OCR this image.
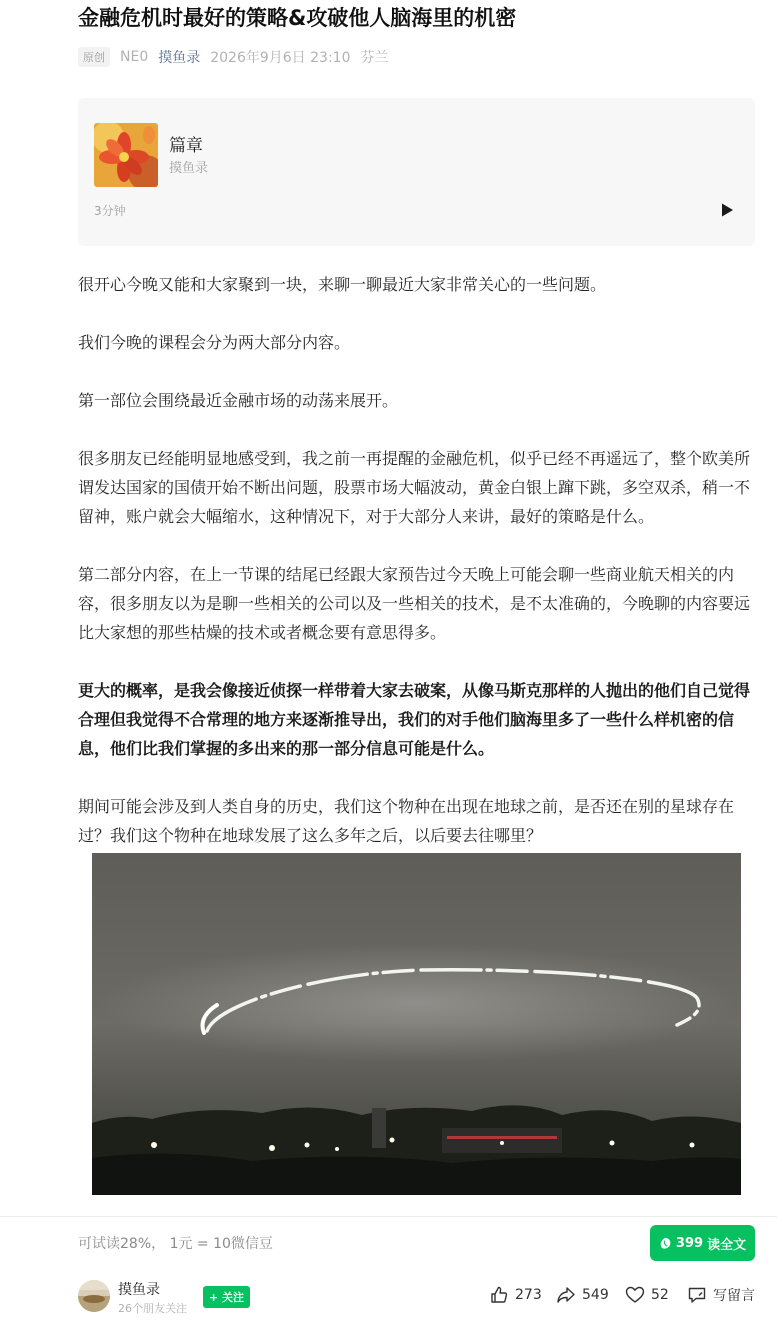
金融危机时最好的策略&攻破他人脑海里的机密
原创	NE0 摸鱼录 2026年9月6日 23:10 芬兰
篇章
摸鱼录
3分钟

很开心今晚又能和大家聚到一块，来聊一聊最近大家非常关心的一些问题。

我们今晚的课程会分为两大部分内容。

第一部位会围绕最近金融市场的动荡来展开。

很多朋友已经能明显地感受到，我之前一再提醒的金融危机，似乎已经不再遥远了，整个欧美所谓发达国家的国债开始不断出问题，股票市场大幅波动，黄金白银上蹿下跳，多空双杀，稍一不留神，账户就会大幅缩水，这种情况下，对于大部分人来讲，最好的策略是什么。

第二部分内容，在上一节课的结尾已经跟大家预告过今天晚上可能会聊一些商业航天相关的内容，很多朋友以为是聊一些相关的公司以及一些相关的技术，是不太准确的，今晚聊的内容要远比大家想的那些枯燥的技术或者概念要有意思得多。

更大的概率，是我会像接近侦探一样带着大家去破案，从像马斯克那样的人抛出的他们自己觉得合理但我觉得不合常理的地方来逐渐推导出，我们的对手他们脑海里多了一些什么样机密的信息，他们比我们掌握的多出来的那一部分信息可能是什么。

期间可能会涉及到人类自身的历史，我们这个物种在出现在地球之前，是否还在别的星球存在过？我们这个物种在地球发展了这么多年之后，以后要去往哪里？

可试读28%， 1元 = 10微信豆	399 读全文
摸鱼录
26个朋友关注
+ 关注	273	549	52	写留言
